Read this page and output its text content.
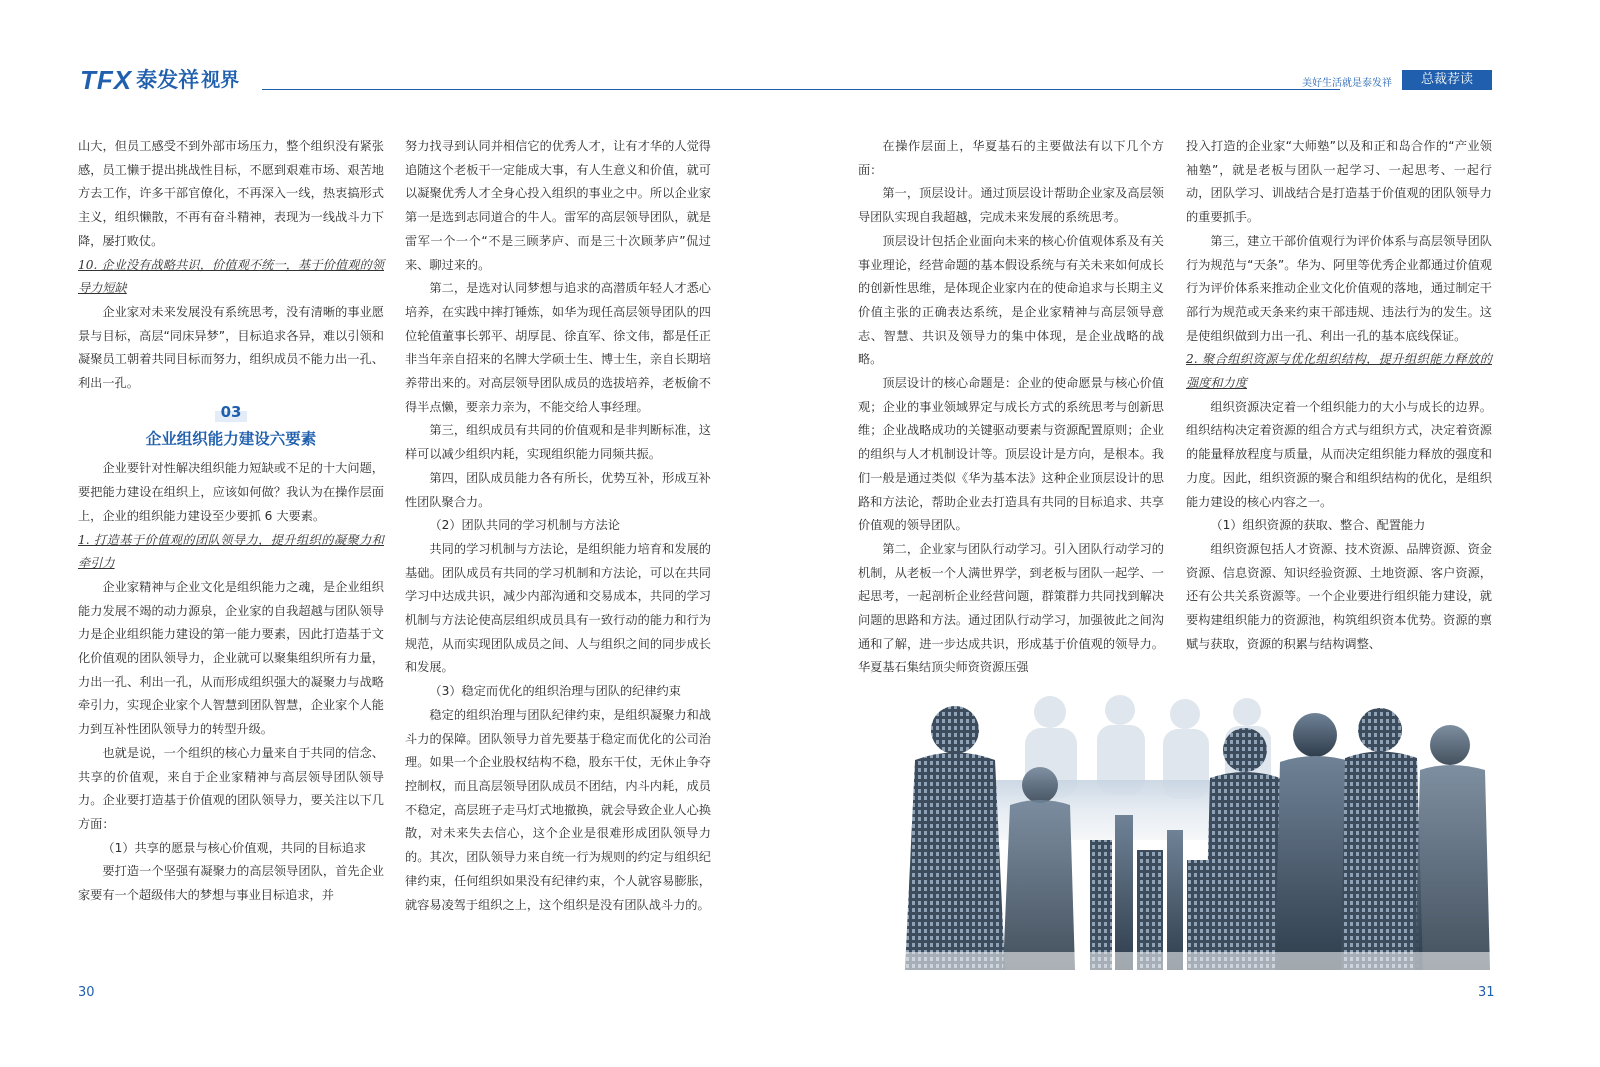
TFX 泰发祥 视界	美好生活就是泰发祥	总裁荐读

山大，但员工感受不到外部市场压力，整个组织没有紧张感，员工懒于提出挑战性目标，不愿到艰难市场、艰苦地方去工作，许多干部官僚化，不再深入一线，热衷搞形式主义，组织懒散，不再有奋斗精神，表现为一线战斗力下降，屡打败仗。

10. 企业没有战略共识，价值观不统一，基于价值观的领导力短缺

企业家对未来发展没有系统思考，没有清晰的事业愿景与目标，高层“同床异梦”，目标追求各异，难以引领和凝聚员工朝着共同目标而努力，组织成员不能力出一孔、利出一孔。

03
企业组织能力建设六要素

企业要针对性解决组织能力短缺或不足的十大问题，要把能力建设在组织上，应该如何做？我认为在操作层面上，企业的组织能力建设至少要抓 6 大要素。

1. 打造基于价值观的团队领导力，提升组织的凝聚力和牵引力

企业家精神与企业文化是组织能力之魂，是企业组织能力发展不竭的动力源泉，企业家的自我超越与团队领导力是企业组织能力建设的第一能力要素，因此打造基于文化价值观的团队领导力，企业就可以聚集组织所有力量，力出一孔、利出一孔，从而形成组织强大的凝聚力与战略牵引力，实现企业家个人智慧到团队智慧，企业家个人能力到互补性团队领导力的转型升级。

也就是说，一个组织的核心力量来自于共同的信念、共享的价值观，来自于企业家精神与高层领导团队领导力。企业要打造基于价值观的团队领导力，要关注以下几方面：

（1）共享的愿景与核心价值观，共同的目标追求

要打造一个坚强有凝聚力的高层领导团队，首先企业家要有一个超级伟大的梦想与事业目标追求，并

努力找寻到认同并相信它的优秀人才，让有才华的人觉得追随这个老板干一定能成大事，有人生意义和价值，就可以凝聚优秀人才全身心投入组织的事业之中。所以企业家第一是选到志同道合的牛人。雷军的高层领导团队，就是雷军一个一个“不是三顾茅庐、而是三十次顾茅庐”侃过来、聊过来的。

第二，是选对认同梦想与追求的高潜质年轻人才悉心培养，在实践中摔打锤炼，如华为现任高层领导团队的四位轮值董事长郭平、胡厚昆、徐直军、徐文伟，都是任正非当年亲自招来的名牌大学硕士生、博士生，亲自长期培养带出来的。对高层领导团队成员的选拔培养，老板偷不得半点懒，要亲力亲为，不能交给人事经理。

第三，组织成员有共同的价值观和是非判断标准，这样可以减少组织内耗，实现组织能力同频共振。

第四，团队成员能力各有所长，优势互补，形成互补性团队聚合力。

（2）团队共同的学习机制与方法论

共同的学习机制与方法论，是组织能力培育和发展的基础。团队成员有共同的学习机制和方法论，可以在共同学习中达成共识，减少内部沟通和交易成本，共同的学习机制与方法论使高层组织成员具有一致行动的能力和行为规范，从而实现团队成员之间、人与组织之间的同步成长和发展。

（3）稳定而优化的组织治理与团队的纪律约束

稳定的组织治理与团队纪律约束，是组织凝聚力和战斗力的保障。团队领导力首先要基于稳定而优化的公司治理。如果一个企业股权结构不稳，股东干仗，无休止争夺控制权，而且高层领导团队成员不团结，内斗内耗，成员不稳定，高层班子走马灯式地撤换，就会导致企业人心换散，对未来失去信心，这个企业是很难形成团队领导力的。其次，团队领导力来自统一行为规则的约定与组织纪律约束，任何组织如果没有纪律约束，个人就容易膨胀，就容易凌驾于组织之上，这个组织是没有团队战斗力的。

在操作层面上，华夏基石的主要做法有以下几个方面：

第一，顶层设计。通过顶层设计帮助企业家及高层领导团队实现自我超越，完成未来发展的系统思考。

顶层设计包括企业面向未来的核心价值观体系及有关事业理论，经营命题的基本假设系统与有关未来如何成长的创新性思维，是体现企业家内在的使命追求与长期主义价值主张的正确表达系统，是企业家精神与高层领导意志、智慧、共识及领导力的集中体现，是企业战略的战略。

顶层设计的核心命题是：企业的使命愿景与核心价值观；企业的事业领域界定与成长方式的系统思考与创新思维；企业战略成功的关键驱动要素与资源配置原则；企业的组织与人才机制设计等。顶层设计是方向，是根本。我们一般是通过类似《华为基本法》这种企业顶层设计的思路和方法论，帮助企业去打造具有共同的目标追求、共享价值观的领导团队。

第二，企业家与团队行动学习。引入团队行动学习的机制，从老板一个人满世界学，到老板与团队一起学、一起思考，一起剖析企业经营问题，群策群力共同找到解决问题的思路和方法。通过团队行动学习，加强彼此之间沟通和了解，进一步达成共识，形成基于价值观的领导力。华夏基石集结顶尖师资资源压强

投入打造的企业家“大师塾”以及和正和岛合作的“产业领袖塾”，就是老板与团队一起学习、一起思考、一起行动，团队学习、训战结合是打造基于价值观的团队领导力的重要抓手。

第三，建立干部价值观行为评价体系与高层领导团队行为规范与“天条”。华为、阿里等优秀企业都通过价值观行为评价体系来推动企业文化价值观的落地，通过制定干部行为规范或天条来约束干部违规、违法行为的发生。这是使组织做到力出一孔、利出一孔的基本底线保证。

2. 聚合组织资源与优化组织结构，提升组织能力释放的强度和力度

组织资源决定着一个组织能力的大小与成长的边界。组织结构决定着资源的组合方式与组织方式，决定着资源的能量释放程度与质量，从而决定组织能力释放的强度和力度。因此，组织资源的聚合和组织结构的优化，是组织能力建设的核心内容之一。

（1）组织资源的获取、整合、配置能力

组织资源包括人才资源、技术资源、品牌资源、资金资源、信息资源、知识经验资源、土地资源、客户资源，还有公共关系资源等。一个企业要进行组织能力建设，就要构建组织能力的资源池，构筑组织资本优势。资源的禀赋与获取，资源的积累与结构调整、

30	31
